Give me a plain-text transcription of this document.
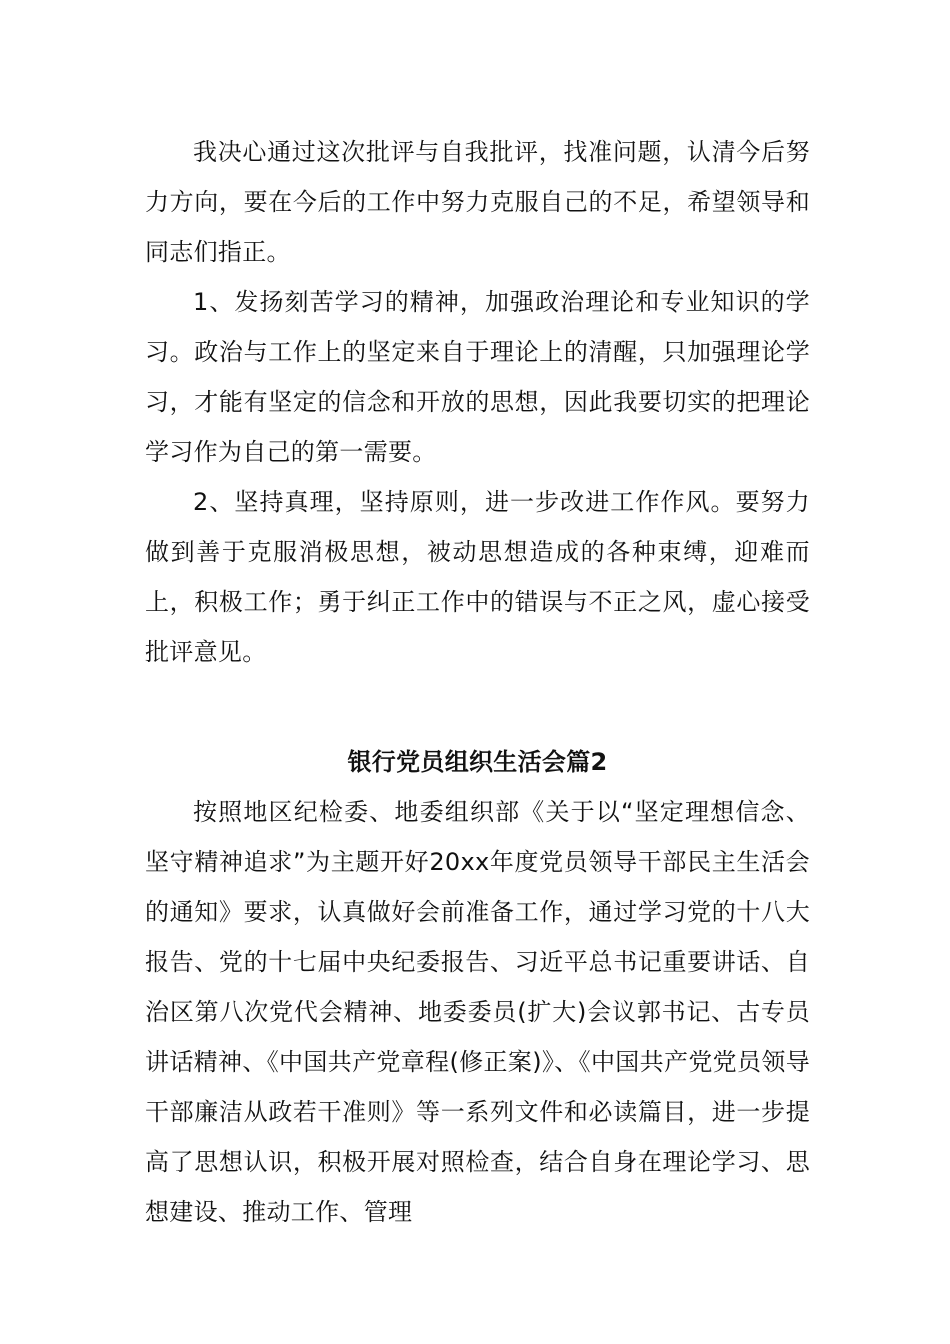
我决心通过这次批评与自我批评，找准问题，认清今后努力方向，要在今后的工作中努力克服自己的不足，希望领导和同志们指正。

1、发扬刻苦学习的精神，加强政治理论和专业知识的学习。政治与工作上的坚定来自于理论上的清醒，只加强理论学习，才能有坚定的信念和开放的思想，因此我要切实的把理论学习作为自己的第一需要。

2、坚持真理，坚持原则，进一步改进工作作风。要努力做到善于克服消极思想，被动思想造成的各种束缚，迎难而上，积极工作；勇于纠正工作中的错误与不正之风，虚心接受批评意见。

银行党员组织生活会篇2

按照地区纪检委、地委组织部《关于以“坚定理想信念、坚守精神追求”为主题开好20xx年度党员领导干部民主生活会的通知》要求，认真做好会前准备工作，通过学习党的十八大报告、党的十七届中央纪委报告、习近平总书记重要讲话、自治区第八次党代会精神、地委委员(扩大)会议郭书记、古专员讲话精神、《中国共产党章程(修正案)》、《中国共产党党员领导干部廉洁从政若干准则》等一系列文件和必读篇目，进一步提高了思想认识，积极开展对照检查，结合自身在理论学习、思想建设、推动工作、管理
